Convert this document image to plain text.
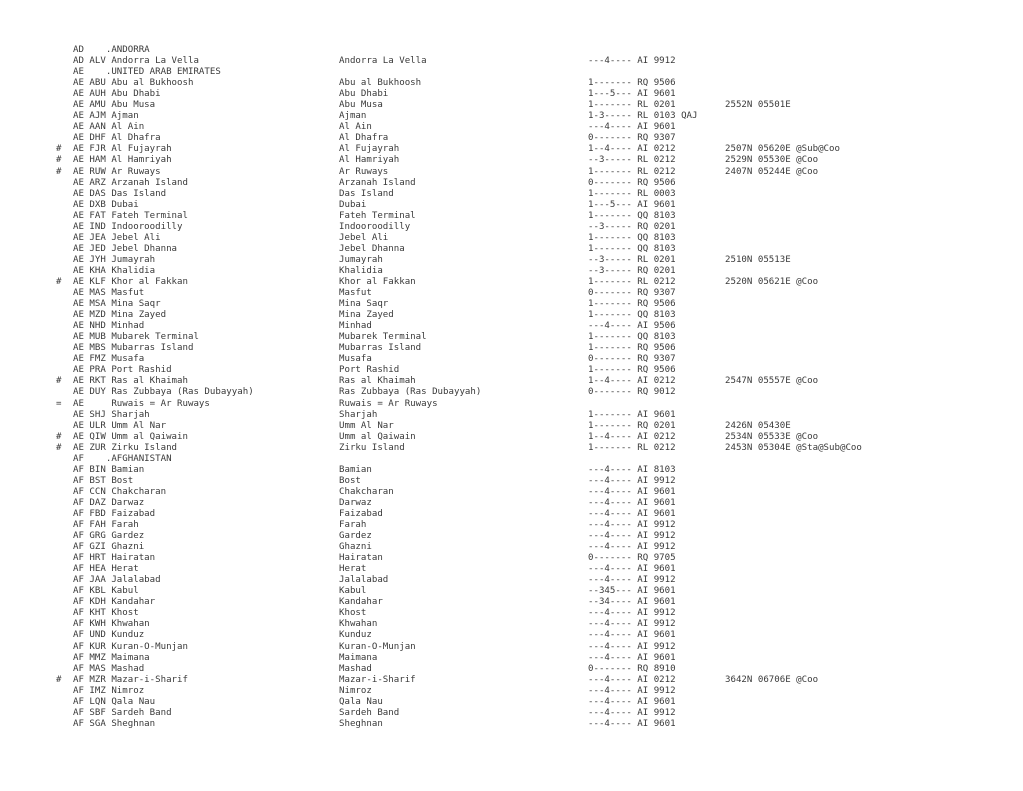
AD    .ANDORRA
AD ALV Andorra La Vella	Andorra La Vella	---4---- AI 9912
AE    .UNITED ARAB EMIRATES
AE ABU Abu al Bukhoosh	Abu al Bukhoosh	1------- RQ 9506
AE AUH Abu Dhabi	Abu Dhabi	1---5--- AI 9601
AE AMU Abu Musa	Abu Musa	1------- RL 0201	2552N 05501E
AE AJM Ajman	Ajman	1-3----- RL 0103 QAJ
AE AAN Al Ain	Al Ain	---4---- AI 9601
AE DHF Al Dhafra	Al Dhafra	0------- RQ 9307
# AE FJR Al Fujayrah	Al Fujayrah	1--4---- AI 0212	2507N 05620E @Sub@Coo
# AE HAM Al Hamriyah	Al Hamriyah	--3----- RL 0212	2529N 05530E @Coo
# AE RUW Ar Ruways	Ar Ruways	1------- RL 0212	2407N 05244E @Coo
AE ARZ Arzanah Island	Arzanah Island	0------- RQ 9506
AE DAS Das Island	Das Island	1------- RL 0003
AE DXB Dubai	Dubai	1---5--- AI 9601
AE FAT Fateh Terminal	Fateh Terminal	1------- QQ 8103
AE IND Indooroodilly	Indooroodilly	--3----- RQ 0201
AE JEA Jebel Ali	Jebel Ali	1------- QQ 8103
AE JED Jebel Dhanna	Jebel Dhanna	1------- QQ 8103
AE JYH Jumayrah	Jumayrah	--3----- RL 0201	2510N 05513E
AE KHA Khalidia	Khalidia	--3----- RQ 0201
# AE KLF Khor al Fakkan	Khor al Fakkan	1------- RL 0212	2520N 05621E @Coo
AE MAS Masfut	Masfut	0------- RQ 9307
AE MSA Mina Saqr	Mina Saqr	1------- RQ 9506
AE MZD Mina Zayed	Mina Zayed	1------- QQ 8103
AE NHD Minhad	Minhad	---4---- AI 9506
AE MUB Mubarek Terminal	Mubarek Terminal	1------- QQ 8103
AE MBS Mubarras Island	Mubarras Island	1------- RQ 9506
AE FMZ Musafa	Musafa	0------- RQ 9307
AE PRA Port Rashid	Port Rashid	1------- RQ 9506
# AE RKT Ras al Khaimah	Ras al Khaimah	1--4---- AI 0212	2547N 05557E @Coo
AE DUY Ras Zubbaya (Ras Dubayyah)	Ras Zubbaya (Ras Dubayyah)	0------- RQ 9012
= AE     Ruwais = Ar Ruways	Ruwais = Ar Ruways
AE SHJ Sharjah	Sharjah	1------- AI 9601
AE ULR Umm Al Nar	Umm Al Nar	1------- RQ 0201	2426N 05430E
# AE QIW Umm al Qaiwain	Umm al Qaiwain	1--4---- AI 0212	2534N 05533E @Coo
# AE ZUR Zirku Island	Zirku Island	1------- RL 0212	2453N 05304E @Sta@Sub@Coo
AF    .AFGHANISTAN
AF BIN Bamian	Bamian	---4---- AI 8103
AF BST Bost	Bost	---4---- AI 9912
AF CCN Chakcharan	Chakcharan	---4---- AI 9601
AF DAZ Darwaz	Darwaz	---4---- AI 9601
AF FBD Faizabad	Faizabad	---4---- AI 9601
AF FAH Farah	Farah	---4---- AI 9912
AF GRG Gardez	Gardez	---4---- AI 9912
AF GZI Ghazni	Ghazni	---4---- AI 9912
AF HRT Hairatan	Hairatan	0------- RQ 9705
AF HEA Herat	Herat	---4---- AI 9601
AF JAA Jalalabad	Jalalabad	---4---- AI 9912
AF KBL Kabul	Kabul	--345--- AI 9601
AF KDH Kandahar	Kandahar	--34---- AI 9601
AF KHT Khost	Khost	---4---- AI 9912
AF KWH Khwahan	Khwahan	---4---- AI 9912
AF UND Kunduz	Kunduz	---4---- AI 9601
AF KUR Kuran-O-Munjan	Kuran-O-Munjan	---4---- AI 9912
AF MMZ Maimana	Maimana	---4---- AI 9601
AF MAS Mashad	Mashad	0------- RQ 8910
# AF MZR Mazar-i-Sharif	Mazar-i-Sharif	---4---- AI 0212	3642N 06706E @Coo
AF IMZ Nimroz	Nimroz	---4---- AI 9912
AF LQN Qala Nau	Qala Nau	---4---- AI 9601
AF SBF Sardeh Band	Sardeh Band	---4---- AI 9912
AF SGA Sheghnan	Sheghnan	---4---- AI 9601
